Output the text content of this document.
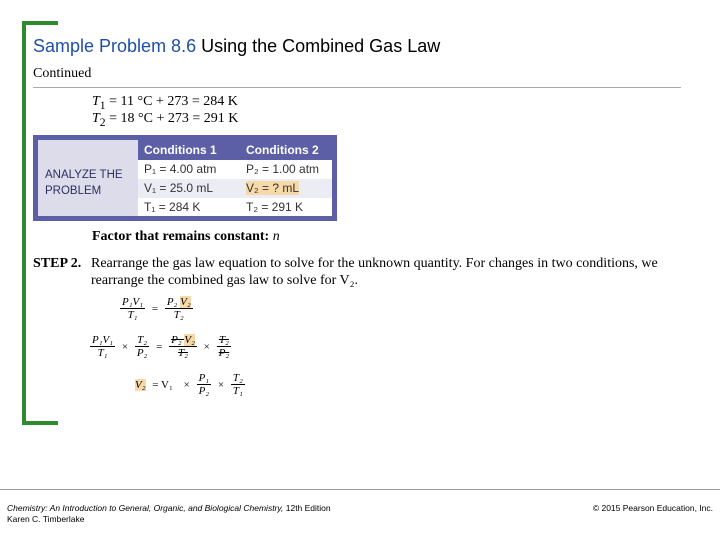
Sample Problem 8.6 Using the Combined Gas Law
Continued
$T_1 = 11$ °C + 273 = 284 K
$T_2 = 18$ °C + 273 = 291 K
ANALYZE THE
PROBLEM
Conditions 1 Conditions 2
P₁ = 4.00 atm P₂ = 1.00 atm
V₁ = 25.0 mL	V₂ = ? mL
T₁ = 284 K	T₂ = 291 K
Factor that remains constant: n
STEP 2. Rearrange the gas law equation to solve for the unknown quantity. For changes in two conditions, we rearrange the combined gas law to solve for V₂.
$\frac{\text{P₁V₁}}{\text{T₁}} = \frac{\text{P₂ V₂}}{\text{T₂}}$
$\frac{\text{P₁V₁}}{\text{T₁}} \times \frac{\text{T₂}}{\text{P₂}} = \frac{\text{P₂ V₂}}{\text{T₂}} \times \frac{\text{T₂}}{\text{P₂}}$
$V_2 = V_1 \times \frac{\text{P₁}}{\text{P₂}} \times \frac{\text{T₂}}{\text{T₁}}$
Chemistry: An Introduction to General, Organic, and Biological Chemistry, 12th Edition
Karen C. Timberlake
© 2015 Pearson Education, Inc.
